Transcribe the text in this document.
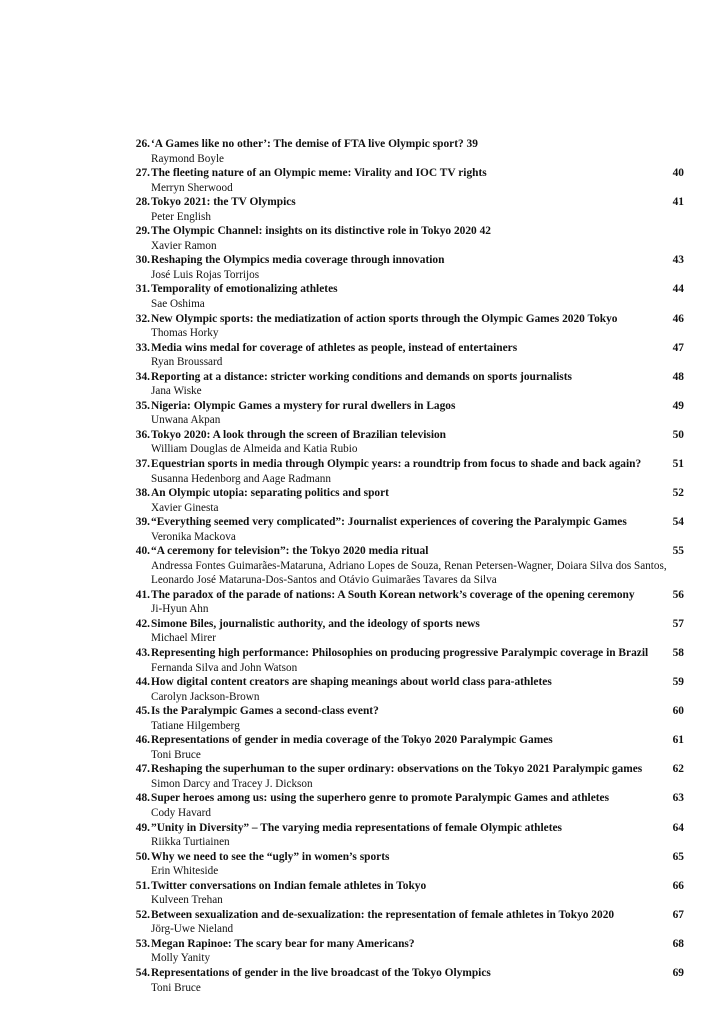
26. ‘A Games like no other’: The demise of FTA live Olympic sport? 39
Raymond Boyle
27. The fleeting nature of an Olympic meme: Virality and IOC TV rights	40
Merryn Sherwood
28. Tokyo 2021: the TV Olympics	41
Peter English
29. The Olympic Channel: insights on its distinctive role in Tokyo 2020 42
Xavier Ramon
30. Reshaping the Olympics media coverage through innovation	43
José Luis Rojas Torrijos
31. Temporality of emotionalizing athletes	44
Sae Oshima
32. New Olympic sports: the mediatization of action sports through the Olympic Games 2020 Tokyo	46
Thomas Horky
33. Media wins medal for coverage of athletes as people, instead of entertainers	47
Ryan Broussard
34. Reporting at a distance: stricter working conditions and demands on sports journalists	48
Jana Wiske
35. Nigeria: Olympic Games a mystery for rural dwellers in Lagos	49
Unwana Akpan
36. Tokyo 2020: A look through the screen of Brazilian television	50
William Douglas de Almeida and Katia Rubio
37. Equestrian sports in media through Olympic years: a roundtrip from focus to shade and back again?	51
Susanna Hedenborg and Aage Radmann
38. An Olympic utopia: separating politics and sport	52
Xavier Ginesta
39. “Everything seemed very complicated”: Journalist experiences of covering the Paralympic Games	54
Veronika Mackova
40. “A ceremony for television”: the Tokyo 2020 media ritual	55
Andressa Fontes Guimarães-Mataruna, Adriano Lopes de Souza, Renan Petersen-Wagner, Doiara Silva dos Santos, Leonardo José Mataruna-Dos-Santos and Otávio Guimarães Tavares da Silva
41. The paradox of the parade of nations: A South Korean network’s coverage of the opening ceremony	56
Ji-Hyun Ahn
42. Simone Biles, journalistic authority, and the ideology of sports news	57
Michael Mirer
43. Representing high performance: Philosophies on producing progressive Paralympic coverage in Brazil	58
Fernanda Silva and John Watson
44. How digital content creators are shaping meanings about world class para-athletes	59
Carolyn Jackson-Brown
45. Is the Paralympic Games a second-class event?	60
Tatiane Hilgemberg
46. Representations of gender in media coverage of the Tokyo 2020 Paralympic Games	61
Toni Bruce
47. Reshaping the superhuman to the super ordinary: observations on the Tokyo 2021 Paralympic games	62
Simon Darcy and Tracey J. Dickson
48. Super heroes among us: using the superhero genre to promote Paralympic Games and athletes	63
Cody Havard
49. ”Unity in Diversity” – The varying media representations of female Olympic athletes	64
Riikka Turtiainen
50. Why we need to see the “ugly” in women’s sports	65
Erin Whiteside
51. Twitter conversations on Indian female athletes in Tokyo	66
Kulveen Trehan
52. Between sexualization and de-sexualization: the representation of female athletes in Tokyo 2020	67
Jörg-Uwe Nieland
53. Megan Rapinoe: The scary bear for many Americans?	68
Molly Yanity
54. Representations of gender in the live broadcast of the Tokyo Olympics	69
Toni Bruce
